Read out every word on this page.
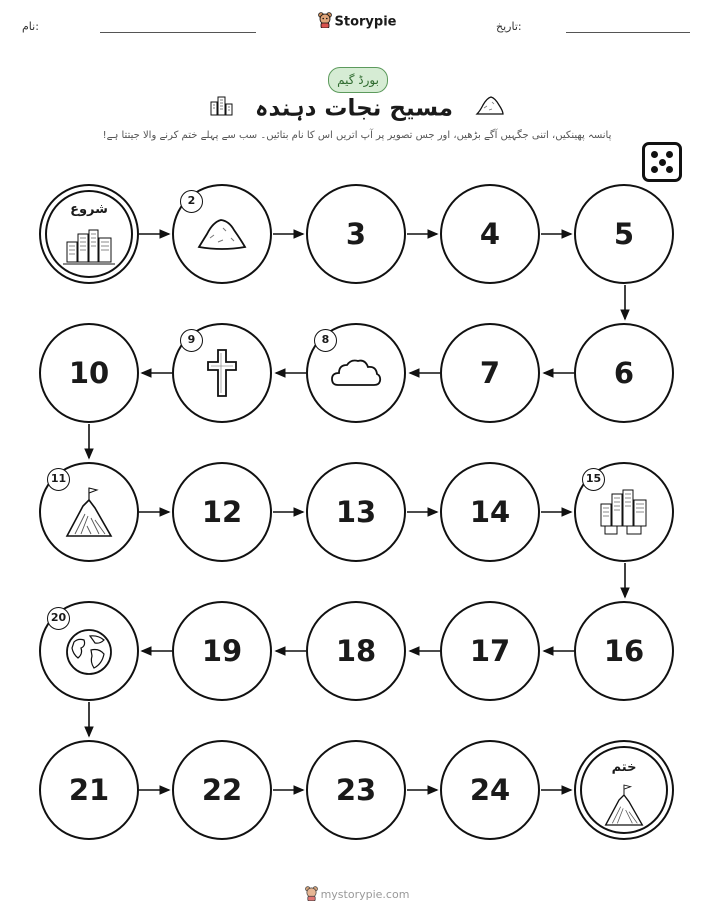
نام:	Storypie	تاریخ:
بورڈ گیم
مسیح نجات دہندہ
پانسہ پھینکیں، اتنی جگہیں آگے بڑھیں، اور جس تصویر پر آپ اتریں اس کا نام بتائیں۔ سب سے پہلے ختم کرنے والا جیتتا ہے!
شروع
2
3	4	5
10
9	8
7	6
11
12	13	14
15
20
19	18	17	16
21	22	23	24
ختم
mystorypie.com
